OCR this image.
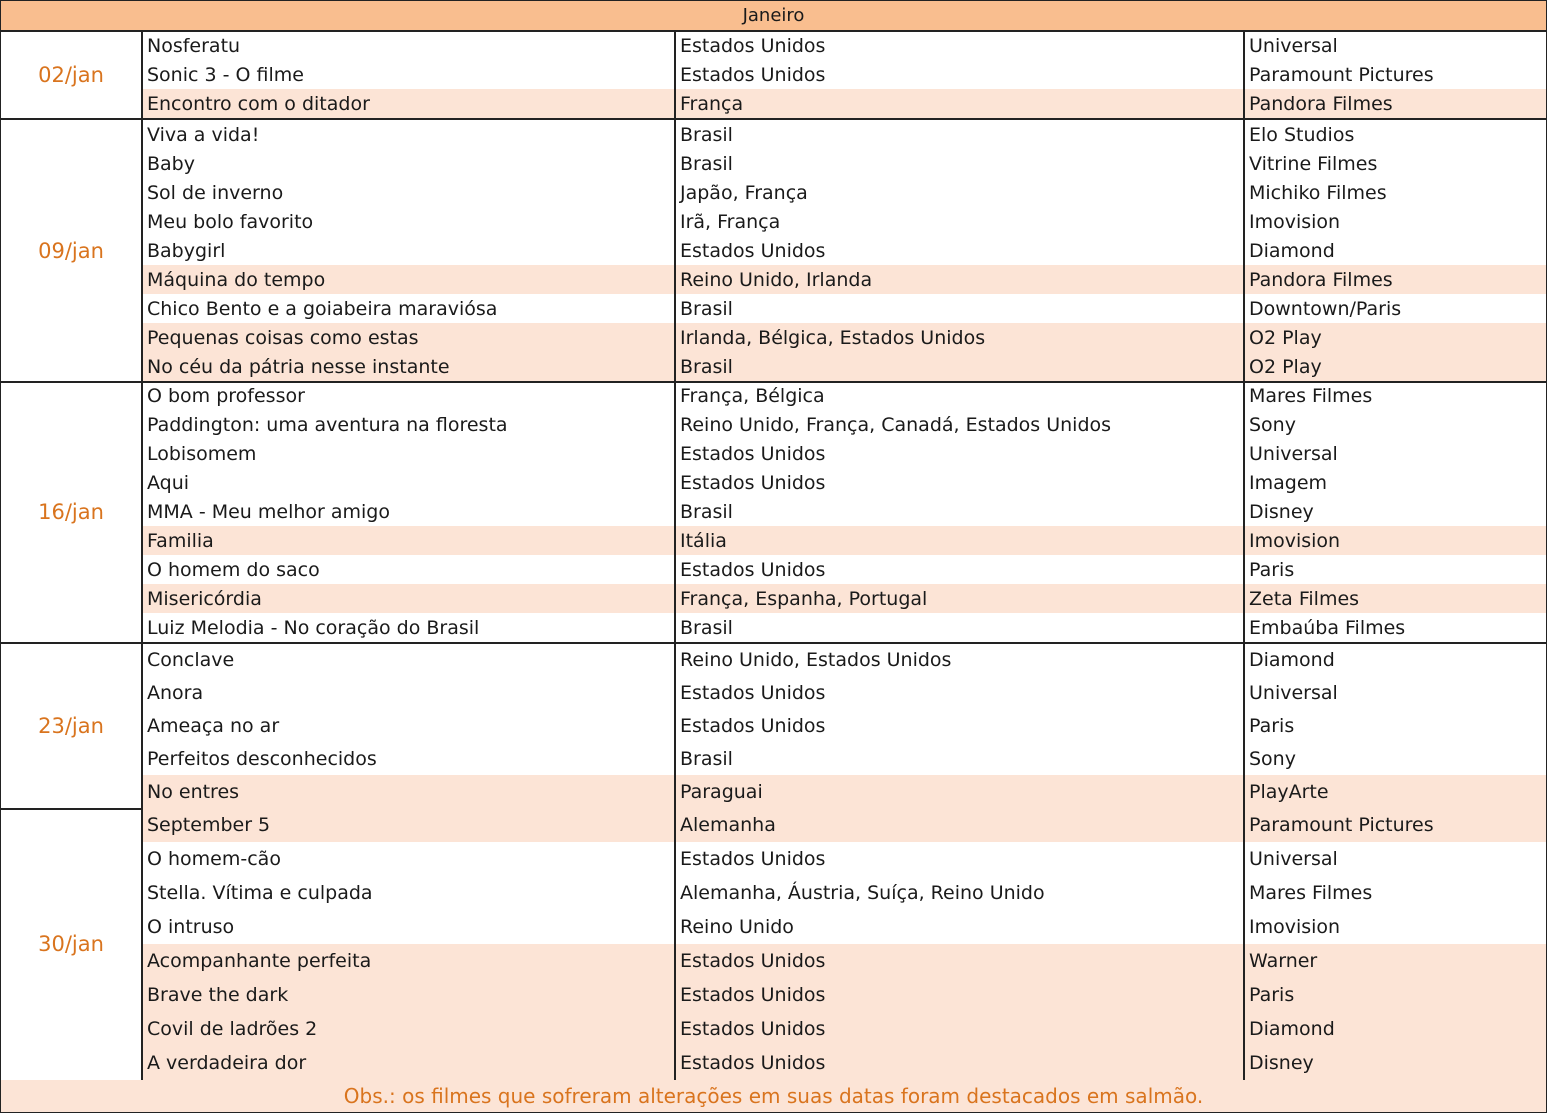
Janeiro
02/jan
Nosferatu	Estados Unidos	Universal
Sonic 3 - O filme	Estados Unidos	Paramount Pictures
Encontro com o ditador	França	Pandora Filmes
09/jan
Viva a vida!	Brasil	Elo Studios
Baby	Brasil	Vitrine Filmes
Sol de inverno	Japão, França	Michiko Filmes
Meu bolo favorito	Irã, França	Imovision
Babygirl	Estados Unidos	Diamond
Máquina do tempo	Reino Unido, Irlanda	Pandora Filmes
Chico Bento e a goiabeira maraviósa	Brasil	Downtown/Paris
Pequenas coisas como estas	Irlanda, Bélgica, Estados Unidos	O2 Play
No céu da pátria nesse instante	Brasil	O2 Play
16/jan
O bom professor	França, Bélgica	Mares Filmes
Paddington: uma aventura na floresta	Reino Unido, França, Canadá, Estados Unidos	Sony
Lobisomem	Estados Unidos	Universal
Aqui	Estados Unidos	Imagem
MMA - Meu melhor amigo	Brasil	Disney
Familia	Itália	Imovision
O homem do saco	Estados Unidos	Paris
Misericórdia	França, Espanha, Portugal	Zeta Filmes
Luiz Melodia - No coração do Brasil	Brasil	Embaúba Filmes
23/jan
Conclave	Reino Unido, Estados Unidos	Diamond
Anora	Estados Unidos	Universal
Ameaça no ar	Estados Unidos	Paris
Perfeitos desconhecidos	Brasil	Sony
No entres	Paraguai	PlayArte
30/jan
September 5	Alemanha	Paramount Pictures
O homem-cão	Estados Unidos	Universal
Stella. Vítima e culpada	Alemanha, Áustria, Suíça, Reino Unido	Mares Filmes
O intruso	Reino Unido	Imovision
Acompanhante perfeita	Estados Unidos	Warner
Brave the dark	Estados Unidos	Paris
Covil de ladrões 2	Estados Unidos	Diamond
A verdadeira dor	Estados Unidos	Disney
Obs.: os filmes que sofreram alterações em suas datas foram destacados em salmão.
